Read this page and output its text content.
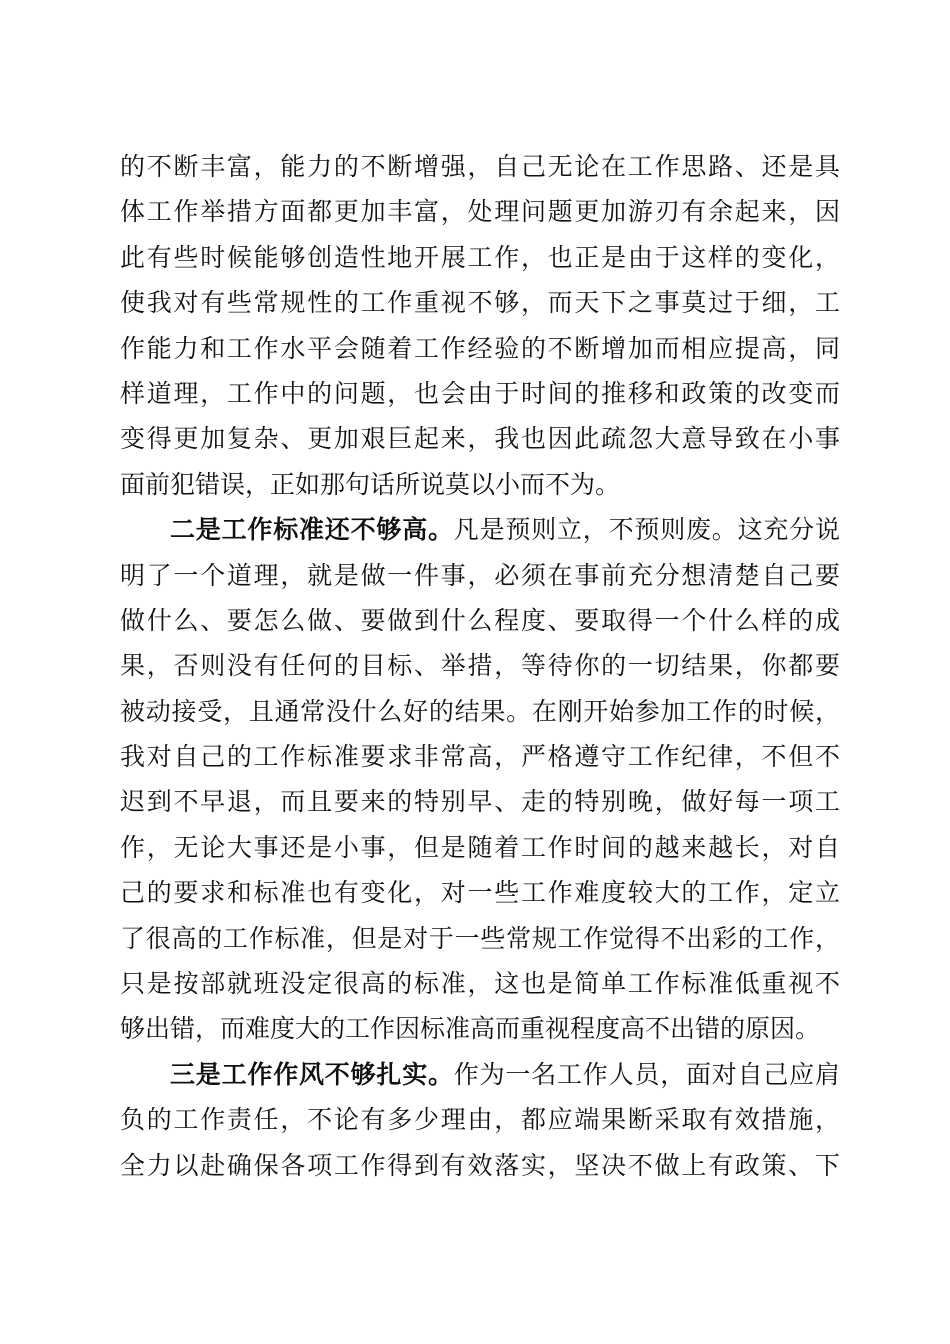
的不断丰富，能力的不断增强，自己无论在工作思路、还是具
体工作举措方面都更加丰富，处理问题更加游刃有余起来，因
此有些时候能够创造性地开展工作，也正是由于这样的变化，
使我对有些常规性的工作重视不够，而天下之事莫过于细，工
作能力和工作水平会随着工作经验的不断增加而相应提高，同
样道理，工作中的问题，也会由于时间的推移和政策的改变而
变得更加复杂、更加艰巨起来，我也因此疏忽大意导致在小事
面前犯错误，正如那句话所说莫以小而不为。
二是工作标准还不够高。凡是预则立，不预则废。这充分说
明了一个道理，就是做一件事，必须在事前充分想清楚自己要
做什么、要怎么做、要做到什么程度、要取得一个什么样的成
果，否则没有任何的目标、举措，等待你的一切结果，你都要
被动接受，且通常没什么好的结果。在刚开始参加工作的时候，
我对自己的工作标准要求非常高，严格遵守工作纪律，不但不
迟到不早退，而且要来的特别早、走的特别晚，做好每一项工
作，无论大事还是小事，但是随着工作时间的越来越长，对自
己的要求和标准也有变化，对一些工作难度较大的工作，定立
了很高的工作标准，但是对于一些常规工作觉得不出彩的工作，
只是按部就班没定很高的标准，这也是简单工作标准低重视不
够出错，而难度大的工作因标准高而重视程度高不出错的原因。
三是工作作风不够扎实。作为一名工作人员，面对自己应肩
负的工作责任，不论有多少理由，都应端果断采取有效措施，
全力以赴确保各项工作得到有效落实，坚决不做上有政策、下
